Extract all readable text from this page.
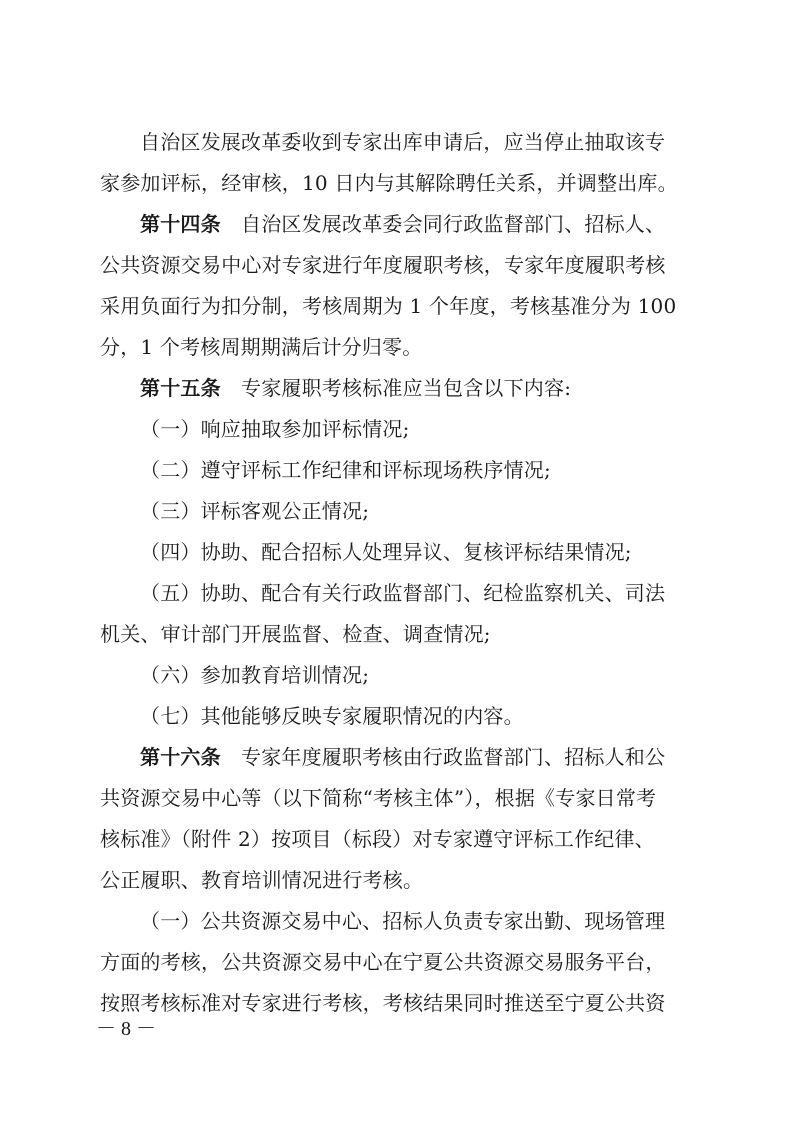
自治区发展改革委收到专家出库申请后，应当停止抽取该专
家参加评标，经审核，10 日内与其解除聘任关系，并调整出库。
第十四条　自治区发展改革委会同行政监督部门、招标人、
公共资源交易中心对专家进行年度履职考核，专家年度履职考核
采用负面行为扣分制，考核周期为 1 个年度，考核基准分为 100
分，1 个考核周期期满后计分归零。
第十五条　专家履职考核标准应当包含以下内容:
（一）响应抽取参加评标情况;
（二）遵守评标工作纪律和评标现场秩序情况;
（三）评标客观公正情况;
（四）协助、配合招标人处理异议、复核评标结果情况;
（五）协助、配合有关行政监督部门、纪检监察机关、司法
机关、审计部门开展监督、检查、调查情况;
（六）参加教育培训情况;
（七）其他能够反映专家履职情况的内容。
第十六条　专家年度履职考核由行政监督部门、招标人和公
共资源交易中心等（以下简称“考核主体”），根据《专家日常考
核标准》（附件 2）按项目（标段）对专家遵守评标工作纪律、
公正履职、教育培训情况进行考核。
（一）公共资源交易中心、招标人负责专家出勤、现场管理
方面的考核，公共资源交易中心在宁夏公共资源交易服务平台，
按照考核标准对专家进行考核，考核结果同时推送至宁夏公共资
－ 8 －
